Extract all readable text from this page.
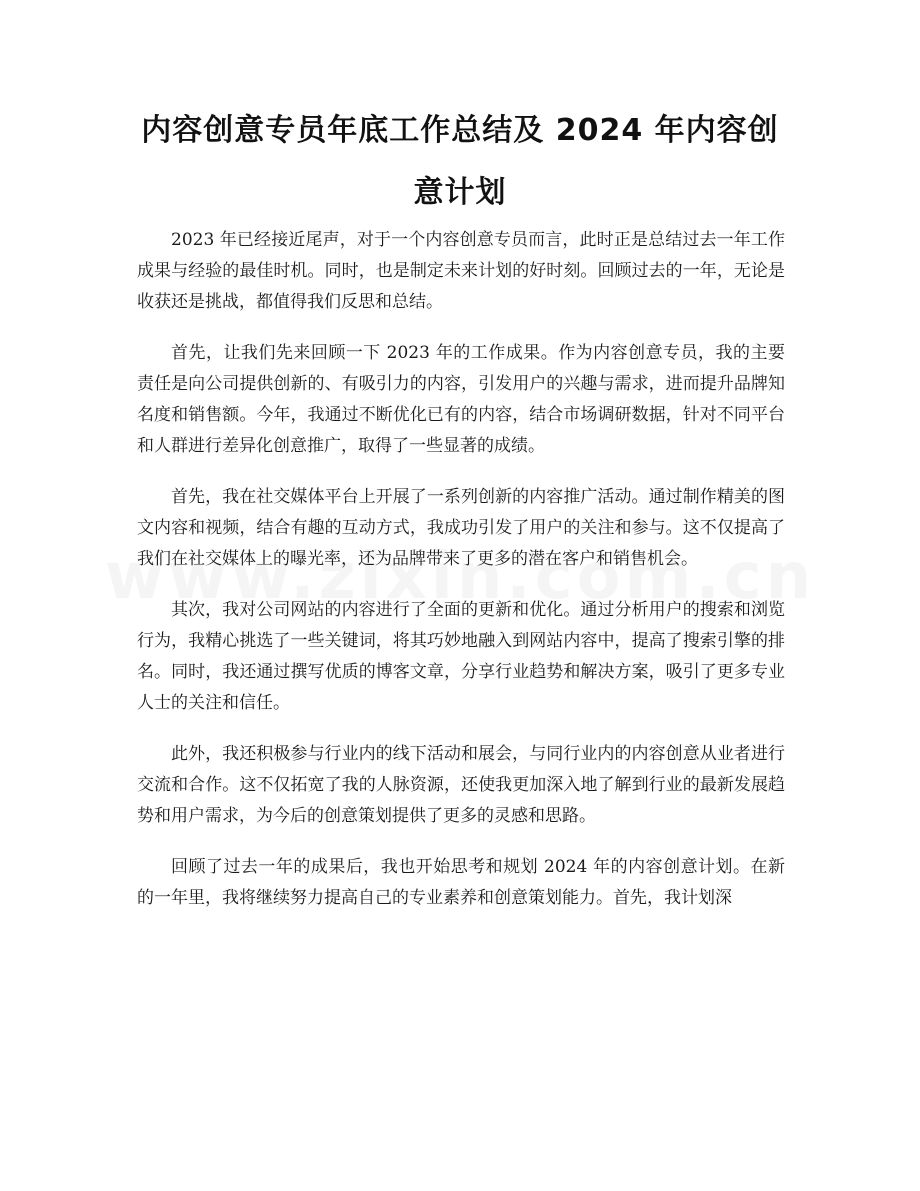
内容创意专员年底工作总结及 2024 年内容创意计划

2023 年已经接近尾声，对于一个内容创意专员而言，此时正是总结过去一年工作成果与经验的最佳时机。同时，也是制定未来计划的好时刻。回顾过去的一年，无论是收获还是挑战，都值得我们反思和总结。

首先，让我们先来回顾一下 2023 年的工作成果。作为内容创意专员，我的主要责任是向公司提供创新的、有吸引力的内容，引发用户的兴趣与需求，进而提升品牌知名度和销售额。今年，我通过不断优化已有的内容，结合市场调研数据，针对不同平台和人群进行差异化创意推广，取得了一些显著的成绩。

首先，我在社交媒体平台上开展了一系列创新的内容推广活动。通过制作精美的图文内容和视频，结合有趣的互动方式，我成功引发了用户的关注和参与。这不仅提高了我们在社交媒体上的曝光率，还为品牌带来了更多的潜在客户和销售机会。

其次，我对公司网站的内容进行了全面的更新和优化。通过分析用户的搜索和浏览行为，我精心挑选了一些关键词，将其巧妙地融入到网站内容中，提高了搜索引擎的排名。同时，我还通过撰写优质的博客文章，分享行业趋势和解决方案，吸引了更多专业人士的关注和信任。

此外，我还积极参与行业内的线下活动和展会，与同行业内的内容创意从业者进行交流和合作。这不仅拓宽了我的人脉资源，还使我更加深入地了解到行业的最新发展趋势和用户需求，为今后的创意策划提供了更多的灵感和思路。

回顾了过去一年的成果后，我也开始思考和规划 2024 年的内容创意计划。在新的一年里，我将继续努力提高自己的专业素养和创意策划能力。首先，我计划深
